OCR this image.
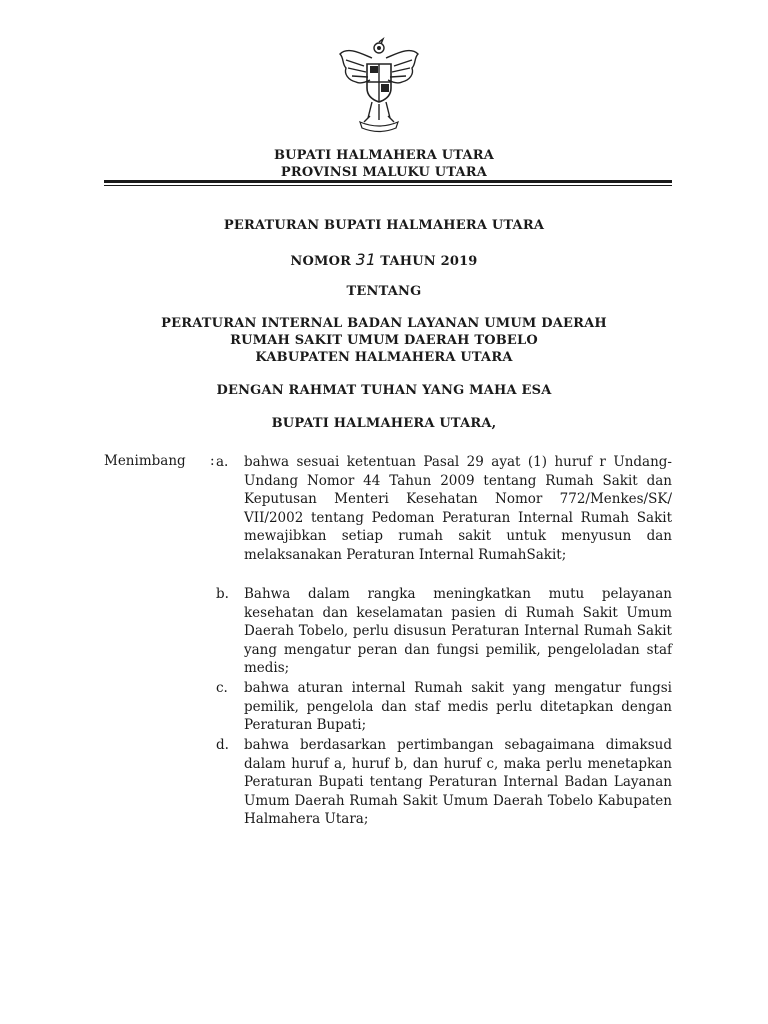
BUPATI HALMAHERA UTARA
PROVINSI MALUKU UTARA
PERATURAN BUPATI HALMAHERA UTARA
NOMOR 31 TAHUN 2019
TENTANG
PERATURAN INTERNAL BADAN LAYANAN UMUM DAERAH
RUMAH SAKIT UMUM DAERAH TOBELO
KABUPATEN HALMAHERA UTARA
DENGAN RAHMAT TUHAN YANG MAHA ESA
BUPATI HALMAHERA UTARA,
Menimbang : a.	bahwa sesuai ketentuan Pasal 29 ayat (1) huruf r Undang-Undang Nomor 44 Tahun 2009 tentang Rumah Sakit dan Keputusan Menteri Kesehatan Nomor 772/Menkes/SK/ VII/2002 tentang Pedoman Peraturan Internal Rumah Sakit mewajibkan setiap rumah sakit untuk menyusun dan melaksanakan Peraturan Internal RumahSakit;
b.	Bahwa dalam rangka meningkatkan mutu pelayanan kesehatan dan keselamatan pasien di Rumah Sakit Umum Daerah Tobelo, perlu disusun Peraturan Internal Rumah Sakit yang mengatur peran dan fungsi pemilik, pengeloladan staf medis;
c.	bahwa aturan internal Rumah sakit yang mengatur fungsi pemilik, pengelola dan staf medis perlu ditetapkan dengan Peraturan Bupati;
d.	bahwa berdasarkan pertimbangan sebagaimana dimaksud dalam huruf a, huruf b, dan huruf c, maka perlu menetapkan Peraturan Bupati tentang Peraturan Internal Badan Layanan Umum Daerah Rumah Sakit Umum Daerah Tobelo Kabupaten Halmahera Utara;
